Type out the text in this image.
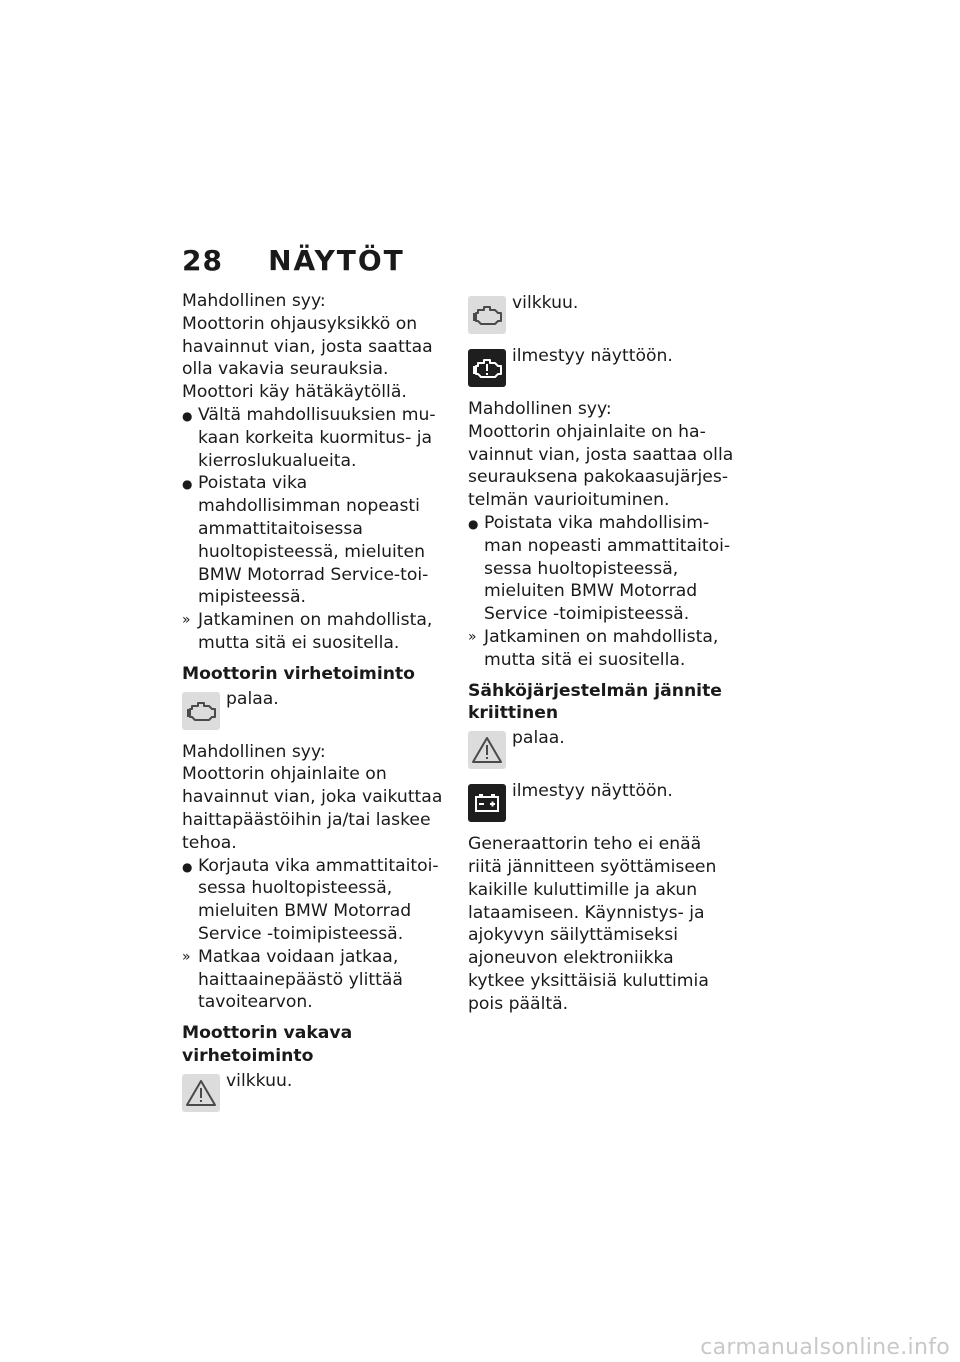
28 NÄYTÖT

Mahdollinen syy:

Moottorin ohjausyksikkö on havainnut vian, josta saattaa olla vakavia seurauksia. Moottori käy hätäkäytöllä.

● Vältä mahdollisuuksien mukaan korkeita kuormitus- ja kierroslukualueita.
● Poistata vika mahdollisimman nopeasti ammattitaitoisessa huoltopisteessä, mieluiten BMW Motorrad Service-toimipisteessä.
» Jatkaminen on mahdollista, mutta sitä ei suositella.
Moottorin virhetoiminto
palaa.

Mahdollinen syy:

Moottorin ohjainlaite on havainnut vian, joka vaikuttaa haittapäästöihin ja/tai laskee tehoa.

● Korjauta vika ammattitaitoisessa huoltopisteessä, mieluiten BMW Motorrad Service -toimipisteessä.
» Matkaa voidaan jatkaa, haittaainepäästö ylittää tavoitearvon.
Moottorin vakava virhetoiminto
vilkkuu.
vilkkuu.
ilmestyy näyttöön.

Mahdollinen syy:

Moottorin ohjainlaite on havainnut vian, josta saattaa olla seurauksena pakokaasujärjestelmän vaurioituminen.

● Poistata vika mahdollisimman nopeasti ammattitaitoisessa huoltopisteessä, mieluiten BMW Motorrad Service -toimipisteessä.
» Jatkaminen on mahdollista, mutta sitä ei suositella.
Sähköjärjestelmän jännite kriittinen
palaa.
ilmestyy näyttöön.

Generaattorin teho ei enää riitä jännitteen syöttämiseen kaikille kuluttimille ja akun lataamiseen. Käynnistys- ja ajokyvyn säilyttämiseksi ajoneuvon elektroniikka kytkee yksittäisiä kuluttimia pois päältä.

carmanualsonline.info
